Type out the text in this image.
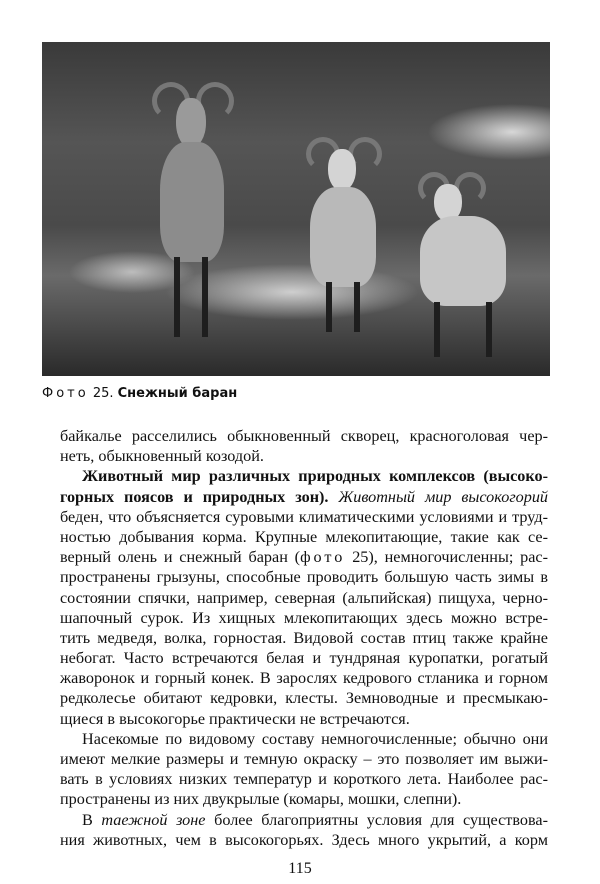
Фото 25. Снежный баран
байкалье расселились обыкновенный скворец, красноголовая чер-
неть, обыкновенный козодой.
Животный мир различных природных комплексов (высоко-
горных поясов и природных зон). Животный мир высокогорий
беден, что объясняется суровыми климатическими условиями и труд-
ностью добывания корма. Крупные млекопитающие, такие как се-
верный олень и снежный баран (фото 25), немногочисленны; рас-
пространены грызуны, способные проводить большую часть зимы в
состоянии спячки, например, северная (альпийская) пищуха, черно-
шапочный сурок. Из хищных млекопитающих здесь можно встре-
тить медведя, волка, горностая. Видовой состав птиц также крайне
небогат. Часто встречаются белая и тундряная куропатки, рогатый
жаворонок и горный конек. В зарослях кедрового стланика и горном
редколесье обитают кедровки, клесты. Земноводные и пресмыкаю-
щиеся в высокогорье практически не встречаются.
Насекомые по видовому составу немногочисленные; обычно они
имеют мелкие размеры и темную окраску – это позволяет им выжи-
вать в условиях низких температур и короткого лета. Наиболее рас-
пространены из них двукрылые (комары, мошки, слепни).
В таежной зоне более благоприятны условия для существова-
ния животных, чем в высокогорьях. Здесь много укрытий, а корм
115
